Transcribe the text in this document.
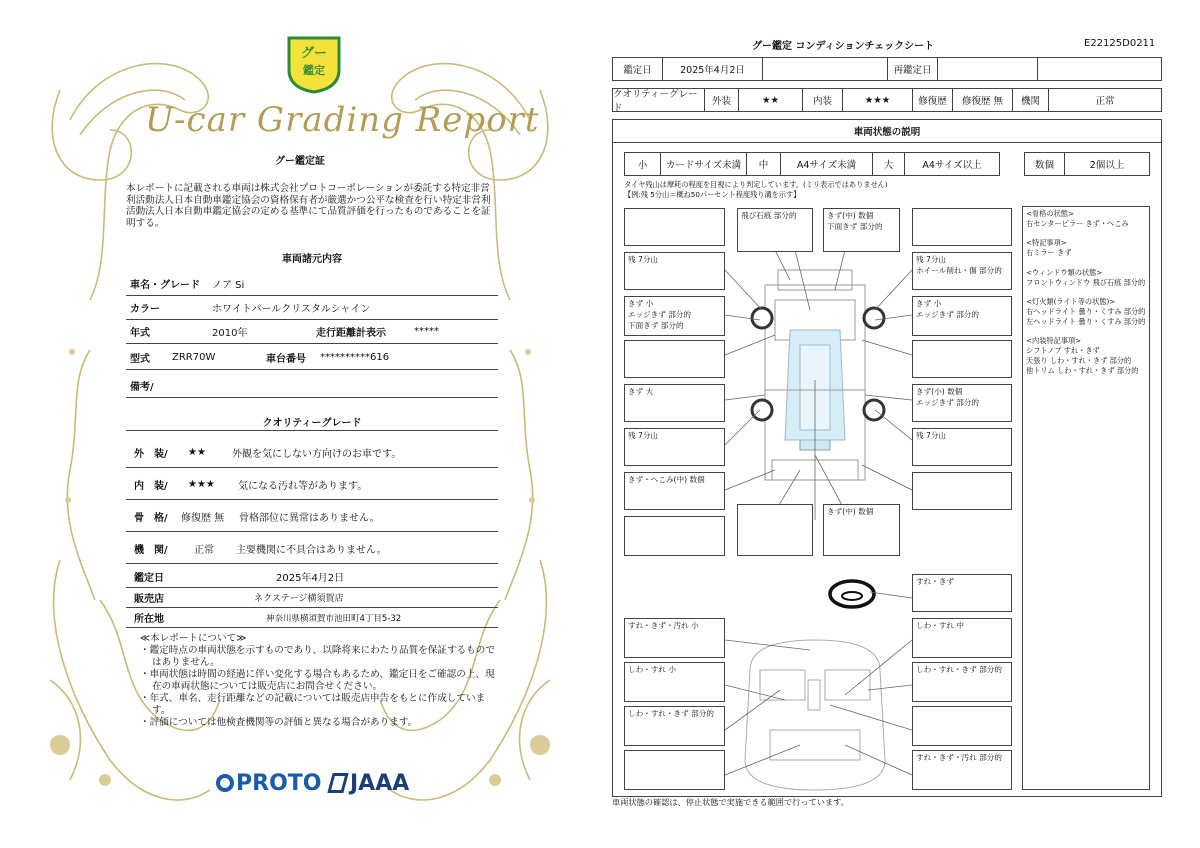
グー
鑑定
U-car Grading Report
グー鑑定証
本レポートに記載される車両は株式会社プロトコーポレーションが委託する特定非営利活動法人日本自動車鑑定協会の資格保有者が厳選かつ公平な検査を行い特定非営利活動法人日本自動車鑑定協会の定める基準にて品質評価を行ったものであることを証明する。
車両諸元内容
車名・グレード	ノア Si
カラー	ホワイトパールクリスタルシャイン
年式	2010年	走行距離計表示	*****
型式	ZRR70W	車台番号	**********616
備考/
クオリティーグレード
外　装/	★★	外観を気にしない方向けのお車です。
内　装/	★★★	気になる汚れ等があります。
骨　格/	修復歴 無	骨格部位に異常はありません。
機　関/	正常	主要機関に不具合はありません。
鑑定日	2025年4月2日
販売店	ネクステージ横須賀店
所在地	神奈川県横須賀市池田町4丁目5-32

≪本レポートについて≫

・鑑定時点の車両状態を示すものであり、以降将来にわたり品質を保証するものではありません。
・車両状態は時間の経過に伴い変化する場合もあるため、鑑定日をご確認の上、現在の車両状態については販売店にお問合せください。
・年式、車名、走行距離などの記載については販売店申告をもとに作成しています。
・評価については他検査機関等の評価と異なる場合があります。
PROTO	JAAA
グー鑑定 コンディションチェックシート	E22125D0211
鑑定日	2025年4月2日	再鑑定日
クオリティーグレード
外装	★★	内装	★★★	修復歴	修復歴 無	機関	正常
車両状態の説明
小	カードサイズ未満	中	A4サイズ未満	大	A4サイズ以上	数個	2個以上
タイヤ残山は摩耗の程度を目視により判定しています。(ミリ表示ではありません)
【例:残 5分山＝概ね50パーセント程度残り溝を示す】
飛び石痕 部分的	きず(中) 数個
下面きず 部分的
残 7分山	残 7分山
ホイール削れ・傷 部分的
きず 小
エッジきず 部分的
下面きず 部分的
きず 小
エッジきず 部分的
きず 大	きず(小) 数個
エッジきず 部分的
残 7分山	残 7分山
きず・へこみ(中) 数個
きず(中) 数個
すれ・きず
すれ・きず・汚れ 小	しわ・すれ 中
しわ・すれ 小	しわ・すれ・きず 部分的
しわ・すれ・きず 部分的
すれ・きず・汚れ 部分的
<骨格の状態>
右センターピラー きず・へこみ

<特記事項>
右ミラー きず

<ウィンドウ類の状態>
フロントウィンドウ 飛び石痕 部分的

<灯火類(ライト等の状態)>
右ヘッドライト 曇り・くすみ 部分的
左ヘッドライト 曇り・くすみ 部分的

<内装特記事項>
シフトノブ すれ・きず
天張り しわ・すれ・きず 部分的
他トリム しわ・すれ・きず 部分的
車両状態の確認は、停止状態で実施できる範囲で行っています。
